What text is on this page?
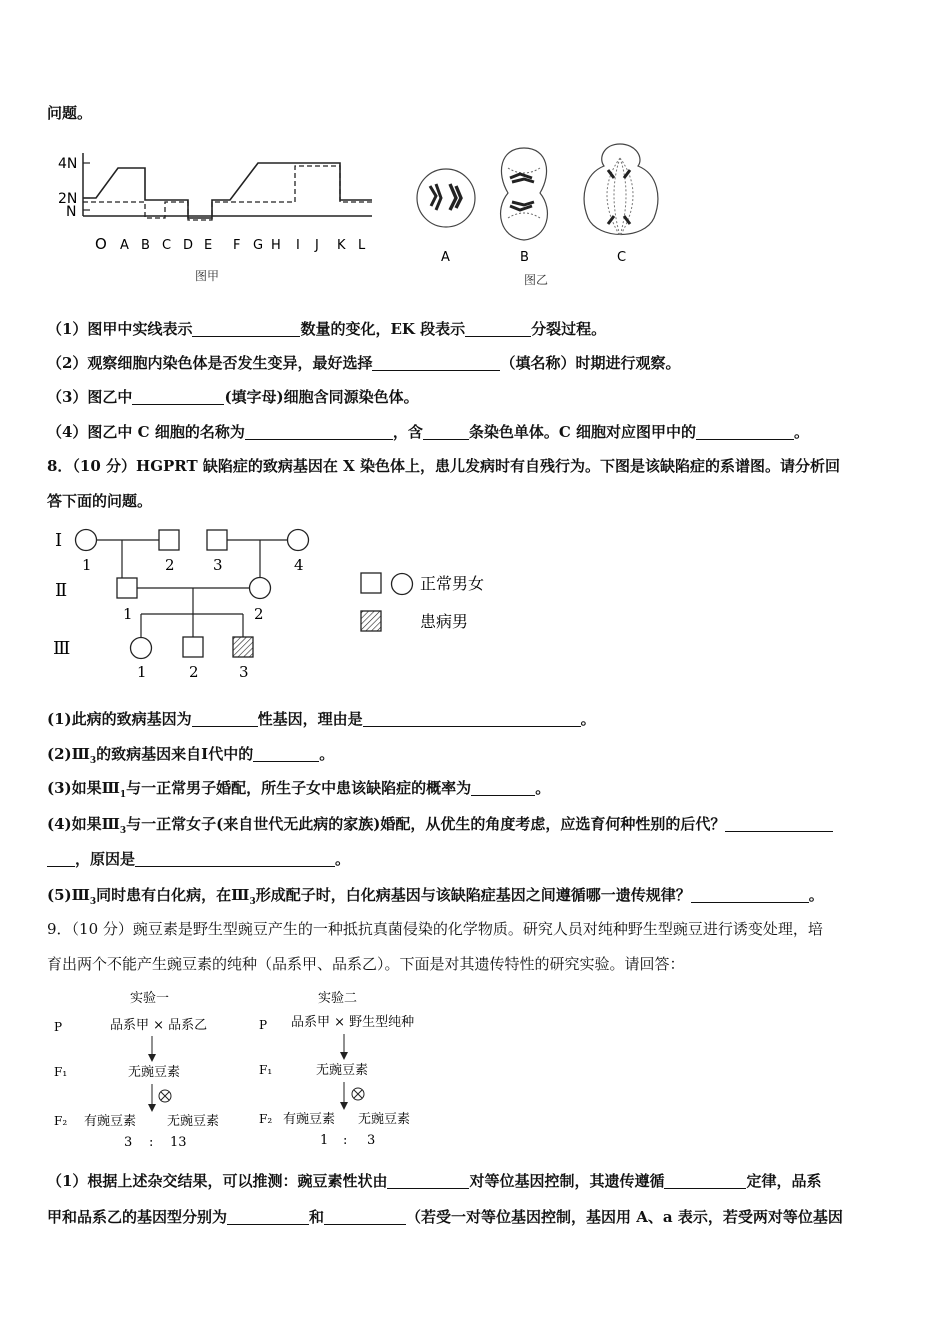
问题。
4N
2N
N
O A B C D E F G H I J K L
图甲
A	B	C
图乙
（1）图甲中实线表示	数量的变化，EK 段表示	分裂过程。
（2）观察细胞内染色体是否发生变异，最好选择	（填名称）时期进行观察。
（3）图乙中	(填字母)细胞含同源染色体。
（4）图乙中 C 细胞的名称为	，含	条染色单体。C 细胞对应图甲中的	。
8．（10 分）HGPRT 缺陷症的致病基因在 X 染色体上，患儿发病时有自残行为。下图是该缺陷症的系谱图。请分析回
答下面的问题。
Ⅰ
Ⅱ
Ⅲ
1	2	3	4
1	2
1	2	3
正常男女
患病男
(1)此病的致病基因为	性基因，理由是	。
$(2)Ⅲ_3$的致病基因来自Ⅰ代中的	。
(3)如果$Ⅲ_1$与一正常男子婚配，所生子女中患该缺陷症的概率为	。
(4)如果$Ⅲ_3$与一正常女子(来自世代无此病的家族)婚配，从优生的角度考虑，应选育何种性别的后代？
，原因是	。
$(5)Ⅲ_3$同时患有白化病，在$Ⅲ_3$形成配子时，白化病基因与该缺陷症基因之间遵循哪一遗传规律？	。
9．（10 分）豌豆素是野生型豌豆产生的一种抵抗真菌侵染的化学物质。研究人员对纯种野生型豌豆进行诱变处理，培
育出两个不能产生豌豆素的纯种（品系甲、品系乙）。下面是对其遗传特性的研究实验。请回答：
实验一
P	品系甲 × 品系乙
F₁	无豌豆素
F₂ 有豌豆素 无豌豆素
3 : 13
实验二
P 品系甲 × 野生型纯种
F₁	无豌豆素
F₂ 有豌豆素 无豌豆素
1 : 3
（1）根据上述杂交结果，可以推测：豌豆素性状由	对等位基因控制，其遗传遵循	定律，品系
甲和品系乙的基因型分别为	和	（若受一对等位基因控制，基因用 A、a 表示，若受两对等位基因
